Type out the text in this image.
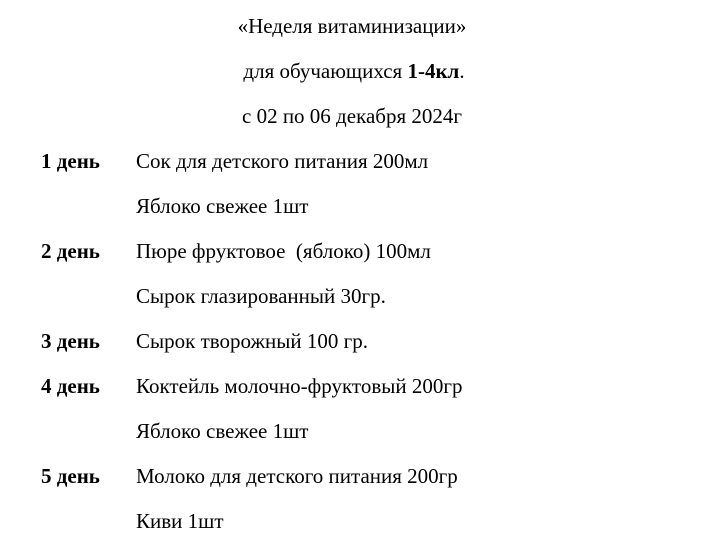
«Неделя витаминизации»
для обучающихся 1-4кл.
с 02 по 06 декабря 2024г
1 день Сок для детского питания 200мл
Яблоко свежее 1шт
2 день Пюре фруктовое  (яблоко) 100мл
Сырок глазированный 30гр.
3 день Сырок творожный 100 гр.
4 день Коктейль молочно-фруктовый 200гр
Яблоко свежее 1шт
5 день Молоко для детского питания 200гр
Киви 1шт
